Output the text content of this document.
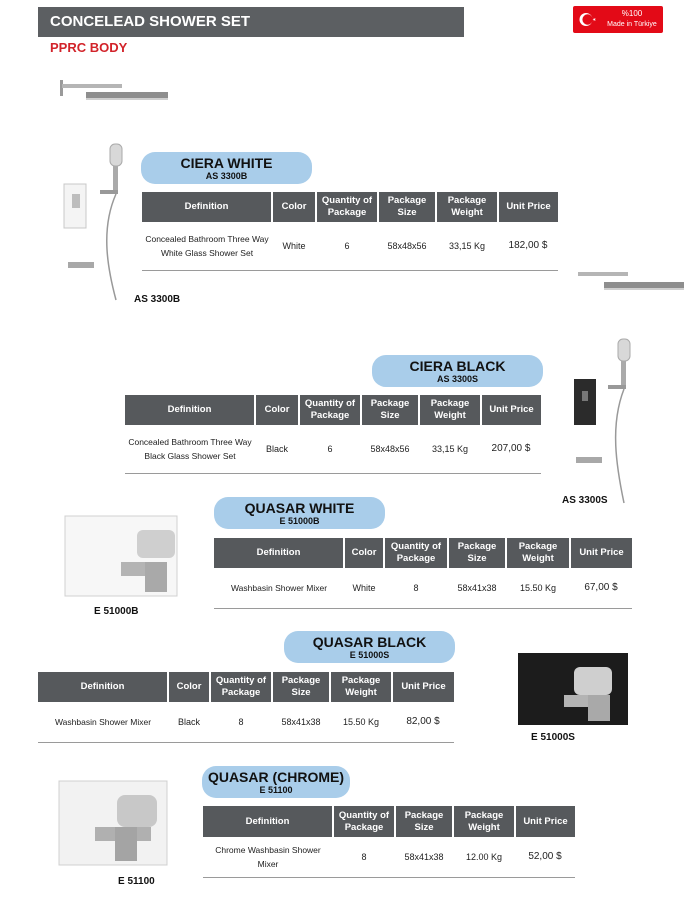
CONCELEAD SHOWER SET
PPRC BODY
%100
Made in Türkiye
AS 3300B
AS 3300S
E 51000B
E 51000S
E 51100
CIERA WHITE
AS 3300B
Definition	Color	Quantity of Package	Package Size	Package Weight	Unit Price
Concealed Bathroom Three Way White Glass Shower Set	White	6	58x48x56	33,15 Kg	182,00 $
CIERA BLACK
AS 3300S
Definition	Color	Quantity of Package	Package Size	Package Weight	Unit Price
Concealed Bathroom Three Way Black Glass Shower Set	Black	6	58x48x56	33,15 Kg	207,00 $
QUASAR WHITE
E 51000B
Definition	Color	Quantity of Package	Package Size	Package Weight	Unit Price
Washbasin Shower Mixer	White	8	58x41x38	15.50 Kg	67,00 $
QUASAR BLACK
E 51000S
Definition	Color	Quantity of Package	Package Size	Package Weight	Unit Price
Washbasin Shower Mixer	Black	8	58x41x38	15.50 Kg	82,00 $
QUASAR (CHROME)
E 51100
Definition	Quantity of Package	Package Size	Package Weight	Unit Price
Chrome Washbasin Shower Mixer	8	58x41x38	12.00 Kg	52,00 $
